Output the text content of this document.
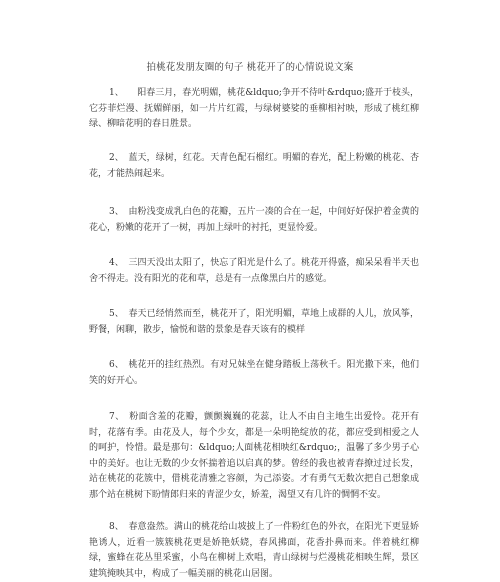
拍桃花发朋友圈的句子 桃花开了的心情说说文案

1、　　阳春三月，春光明媚，桃花&ldquo;争开不待叶&rdquo;盛开于枝头，它芬菲烂漫、抚媚鲜丽，如一片片红霞，与绿树婆娑的垂柳相衬映，形成了桃红柳绿、柳暗花明的春日胜景。

2、　蓝天，绿树，红花。天青色配石榴红。明媚的春光，配上粉嫩的桃花、杏花，才能热闹起来。

3、　由粉浅变成乳白色的花瓣，五片一凑的合在一起，中间好好保护着金黄的花心，粉嫩的花开了一树，再加上绿叶的衬托，更显怜爱。

4、　三四天没出太阳了，快忘了阳光是什么了。桃花开得盛，痴呆呆看半天也舍不得走。没有阳光的花和草，总是有一点像黑白片的感觉。

5、　春天已经悄然而至，桃花开了，阳光明媚，草地上成群的人儿，放风筝，野餐，闲聊，散步，愉悦和谐的景象是春天该有的模样

6、　桃花开的挂红热烈。有对兄妹坐在健身踏板上荡秋千。阳光撒下来，他们笑的好开心。

7、　粉面含羞的花瓣，颤颤巍巍的花蕊，让人不由自主地生出爱怜。花开有时，花落有季。由花及人，每个少女，都是一朵明艳绽放的花，都应受到相爱之人的呵护，怜惜。最是那句：&ldquo;人面桃花相映红&rdquo;，温馨了多少男子心中的美好。也让无数的少女怀揣着追以启真的梦。曾经的我也被青春撩过过长发，站在桃花的花簇中，借桃花清雅之容颜，为己添姿。才有勇气无数次把自己想象成那个站在桃树下盼情郎归来的青涩少女，娇羞，渴望又有几许的惆惘不安。

8、　春意盎然。满山的桃花给山坡披上了一件粉红色的外衣，在阳光下更显娇艳诱人，近看一簇簇桃花更是娇艳妖娆，春风拂面，花香扑鼻而来。伴着桃红柳绿，蜜蜂在花丛里采蜜，小鸟在柳树上欢唱，青山绿树与烂漫桃花相映生辉，景区建筑掩映其中，构成了一幅美丽的桃花山居图。
